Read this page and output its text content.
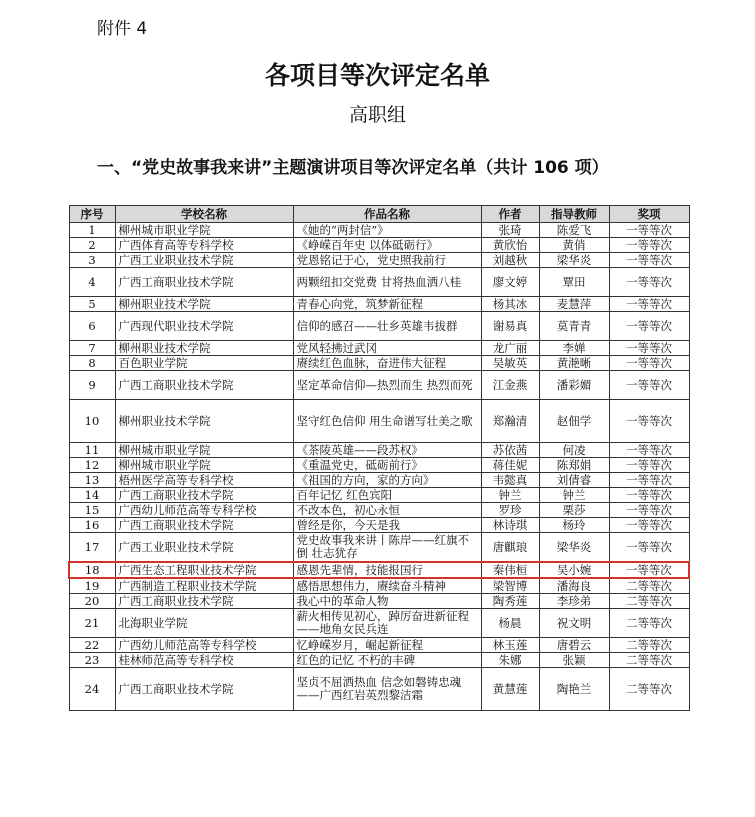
附件 4
各项目等次评定名单
高职组
一、“党史故事我来讲”主题演讲项目等次评定名单（共计 106 项）
序号	学校名称	作品名称	作者	指导教师	奖项
1	柳州城市职业学院	《她的“两封信”》	张琦	陈爱飞	一等等次
2	广西体育高等专科学校	《峥嵘百年史 以体砥砺行》	黄欣怡	黄俏	一等等次
3	广西工业职业技术学院	党恩铭记于心，党史照我前行	刘越秋	梁华炎	一等等次
4	广西工商职业技术学院	两颗纽扣交党费 甘将热血洒八桂	廖文婷	覃田	一等等次
5	柳州职业技术学院	青春心向党，筑梦新征程	杨其冰	麦慧萍	一等等次
6	广西现代职业技术学院	信仰的感召——壮乡英雄韦拔群	谢易真	莫青青	一等等次
7	柳州职业技术学院	党风轻拂过武冈	龙广丽	李婵	一等等次
8	百色职业学院	赓续红色血脉，奋进伟大征程	吴敏英	黄滟晰	一等等次
9	广西工商职业技术学院	坚定革命信仰—热烈而生 热烈而死	江金燕	潘彩媚	一等等次
10	柳州职业技术学院	坚守红色信仰 用生命谱写壮美之歌	郑瀚清	赵佃学	一等等次
11	柳州城市职业学院	《茶陵英雄——段苏权》	苏依茜	何凌	一等等次
12	柳州城市职业学院	《重温党史，砥砺前行》	蒋佳妮	陈郑娟	一等等次
13	梧州医学高等专科学校	《祖国的方向，家的方向》	韦懿真	刘倩睿	一等等次
14	广西工商职业技术学院	百年记忆 红色宾阳	钟兰	钟兰	一等等次
15	广西幼儿师范高等专科学校	不改本色，初心永恒	罗珍	栗莎	一等等次
16	广西工商职业技术学院	曾经是你，今天是我	林诗琪	杨玲	一等等次
17	广西工业职业技术学院	党史故事我来讲丨陈岸——红旗不倒 壮志犹存	唐麒琅	梁华炎	一等等次
18	广西生态工程职业技术学院	感恩先辈情，技能报国行	秦伟桓	吴小婉	一等等次
19	广西制造工程职业技术学院	感悟思想伟力，赓续奋斗精神	梁智博	潘海良	二等等次
20	广西工商职业技术学院	我心中的革命人物	陶秀莲	李珍弟	二等等次
21	北海职业学院	薪火相传见初心，踔厉奋进新征程——地角女民兵连	杨晨	祝文明	二等等次
22	广西幼儿师范高等专科学校	忆峥嵘岁月，崛起新征程	林玉莲	唐碧云	二等等次
23	桂林师范高等专科学校	红色的记忆 不朽的丰碑	朱娜	张颖	二等等次
24	广西工商职业技术学院	坚贞不屈洒热血 信念如磐铸忠魂——广西红岩英烈黎洁霜	黄慧莲	陶艳兰	二等等次
